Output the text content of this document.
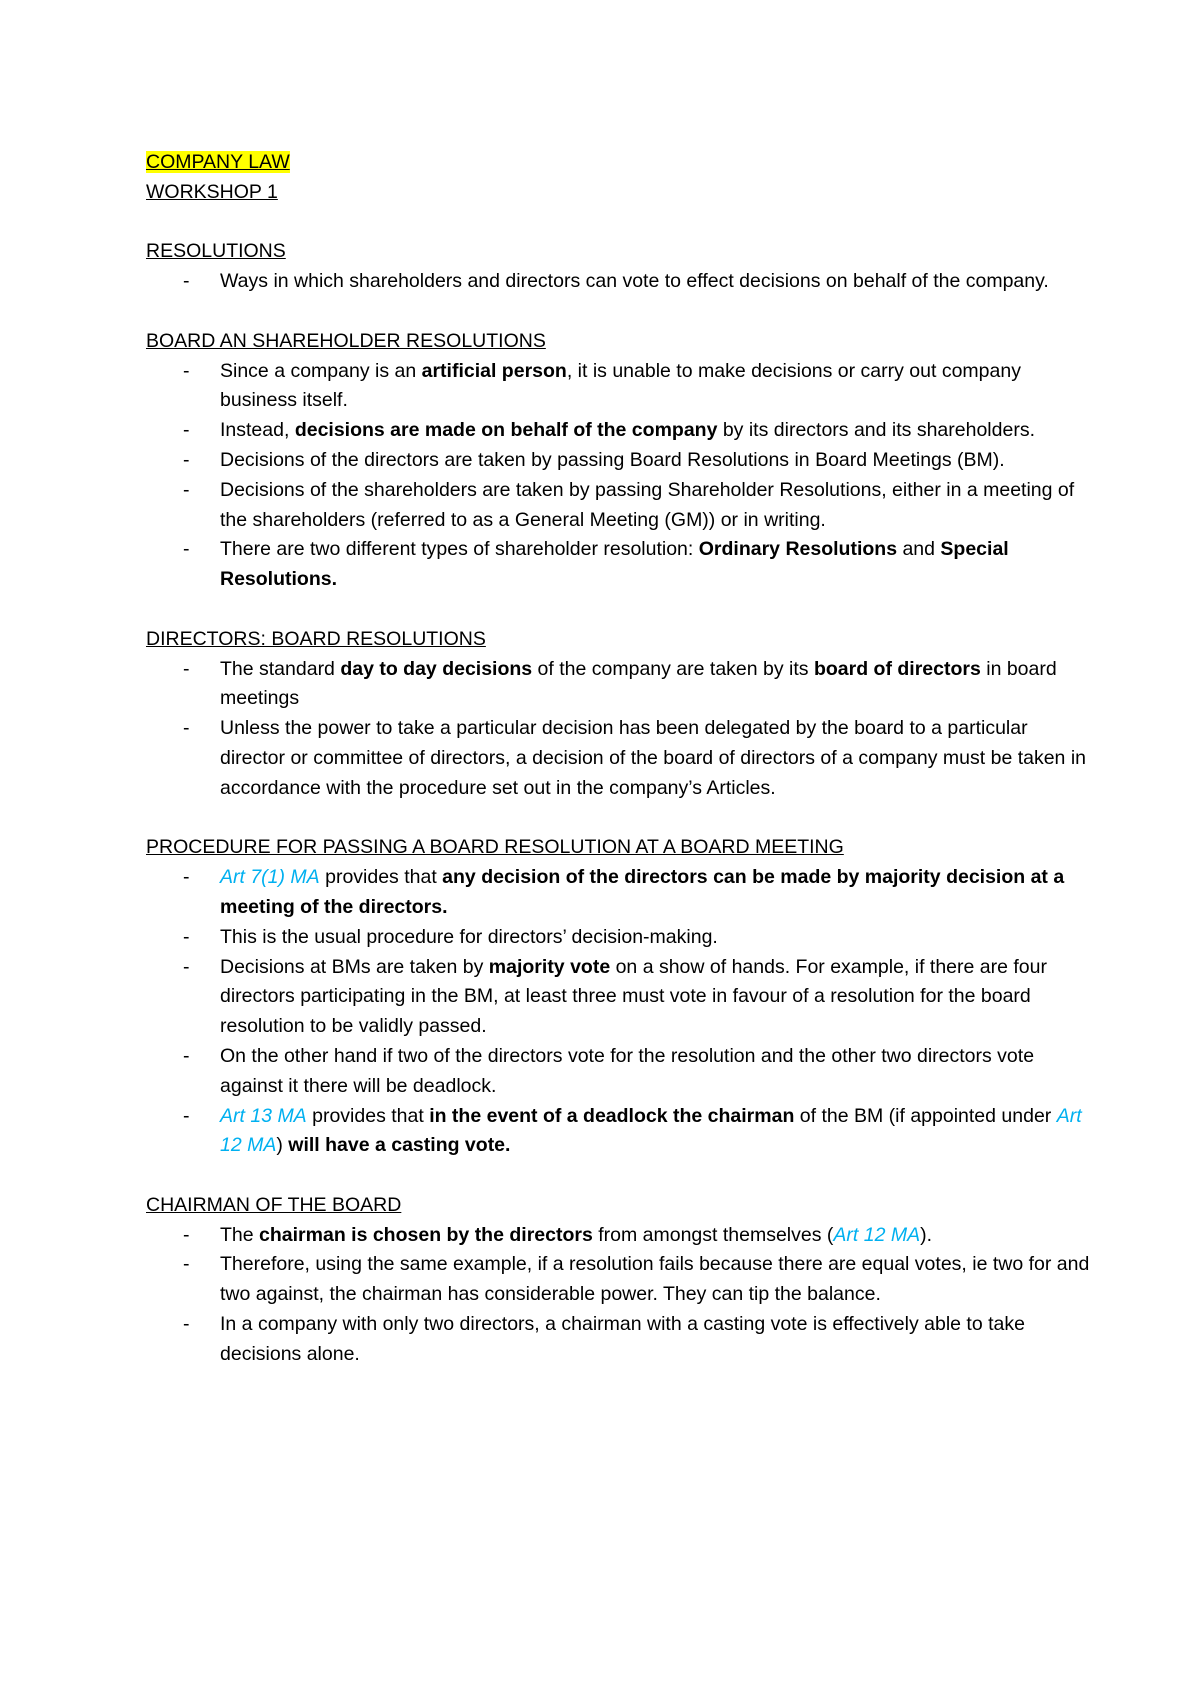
COMPANY LAW
WORKSHOP 1
RESOLUTIONS
- Ways in which shareholders and directors can vote to effect decisions on behalf of the company.
BOARD AN SHAREHOLDER RESOLUTIONS
- Since a company is an artificial person, it is unable to make decisions or carry out company business itself.
- Instead, decisions are made on behalf of the company by its directors and its shareholders.
- Decisions of the directors are taken by passing Board Resolutions in Board Meetings (BM).
- Decisions of the shareholders are taken by passing Shareholder Resolutions, either in a meeting of the shareholders (referred to as a General Meeting (GM)) or in writing.
- There are two different types of shareholder resolution: Ordinary Resolutions and Special Resolutions.
DIRECTORS: BOARD RESOLUTIONS
- The standard day to day decisions of the company are taken by its board of directors in board meetings
- Unless the power to take a particular decision has been delegated by the board to a particular director or committee of directors, a decision of the board of directors of a company must be taken in accordance with the procedure set out in the company’s Articles.
PROCEDURE FOR PASSING A BOARD RESOLUTION AT A BOARD MEETING
- Art 7(1) MA provides that any decision of the directors can be made by majority decision at a meeting of the directors.
- This is the usual procedure for directors’ decision-making.
- Decisions at BMs are taken by majority vote on a show of hands. For example, if there are four directors participating in the BM, at least three must vote in favour of a resolution for the board resolution to be validly passed.
- On the other hand if two of the directors vote for the resolution and the other two directors vote against it there will be deadlock.
- Art 13 MA provides that in the event of a deadlock the chairman of the BM (if appointed under Art 12 MA) will have a casting vote.
CHAIRMAN OF THE BOARD
- The chairman is chosen by the directors from amongst themselves (Art 12 MA).
- Therefore, using the same example, if a resolution fails because there are equal votes, ie two for and two against, the chairman has considerable power. They can tip the balance.
- In a company with only two directors, a chairman with a casting vote is effectively able to take decisions alone.
